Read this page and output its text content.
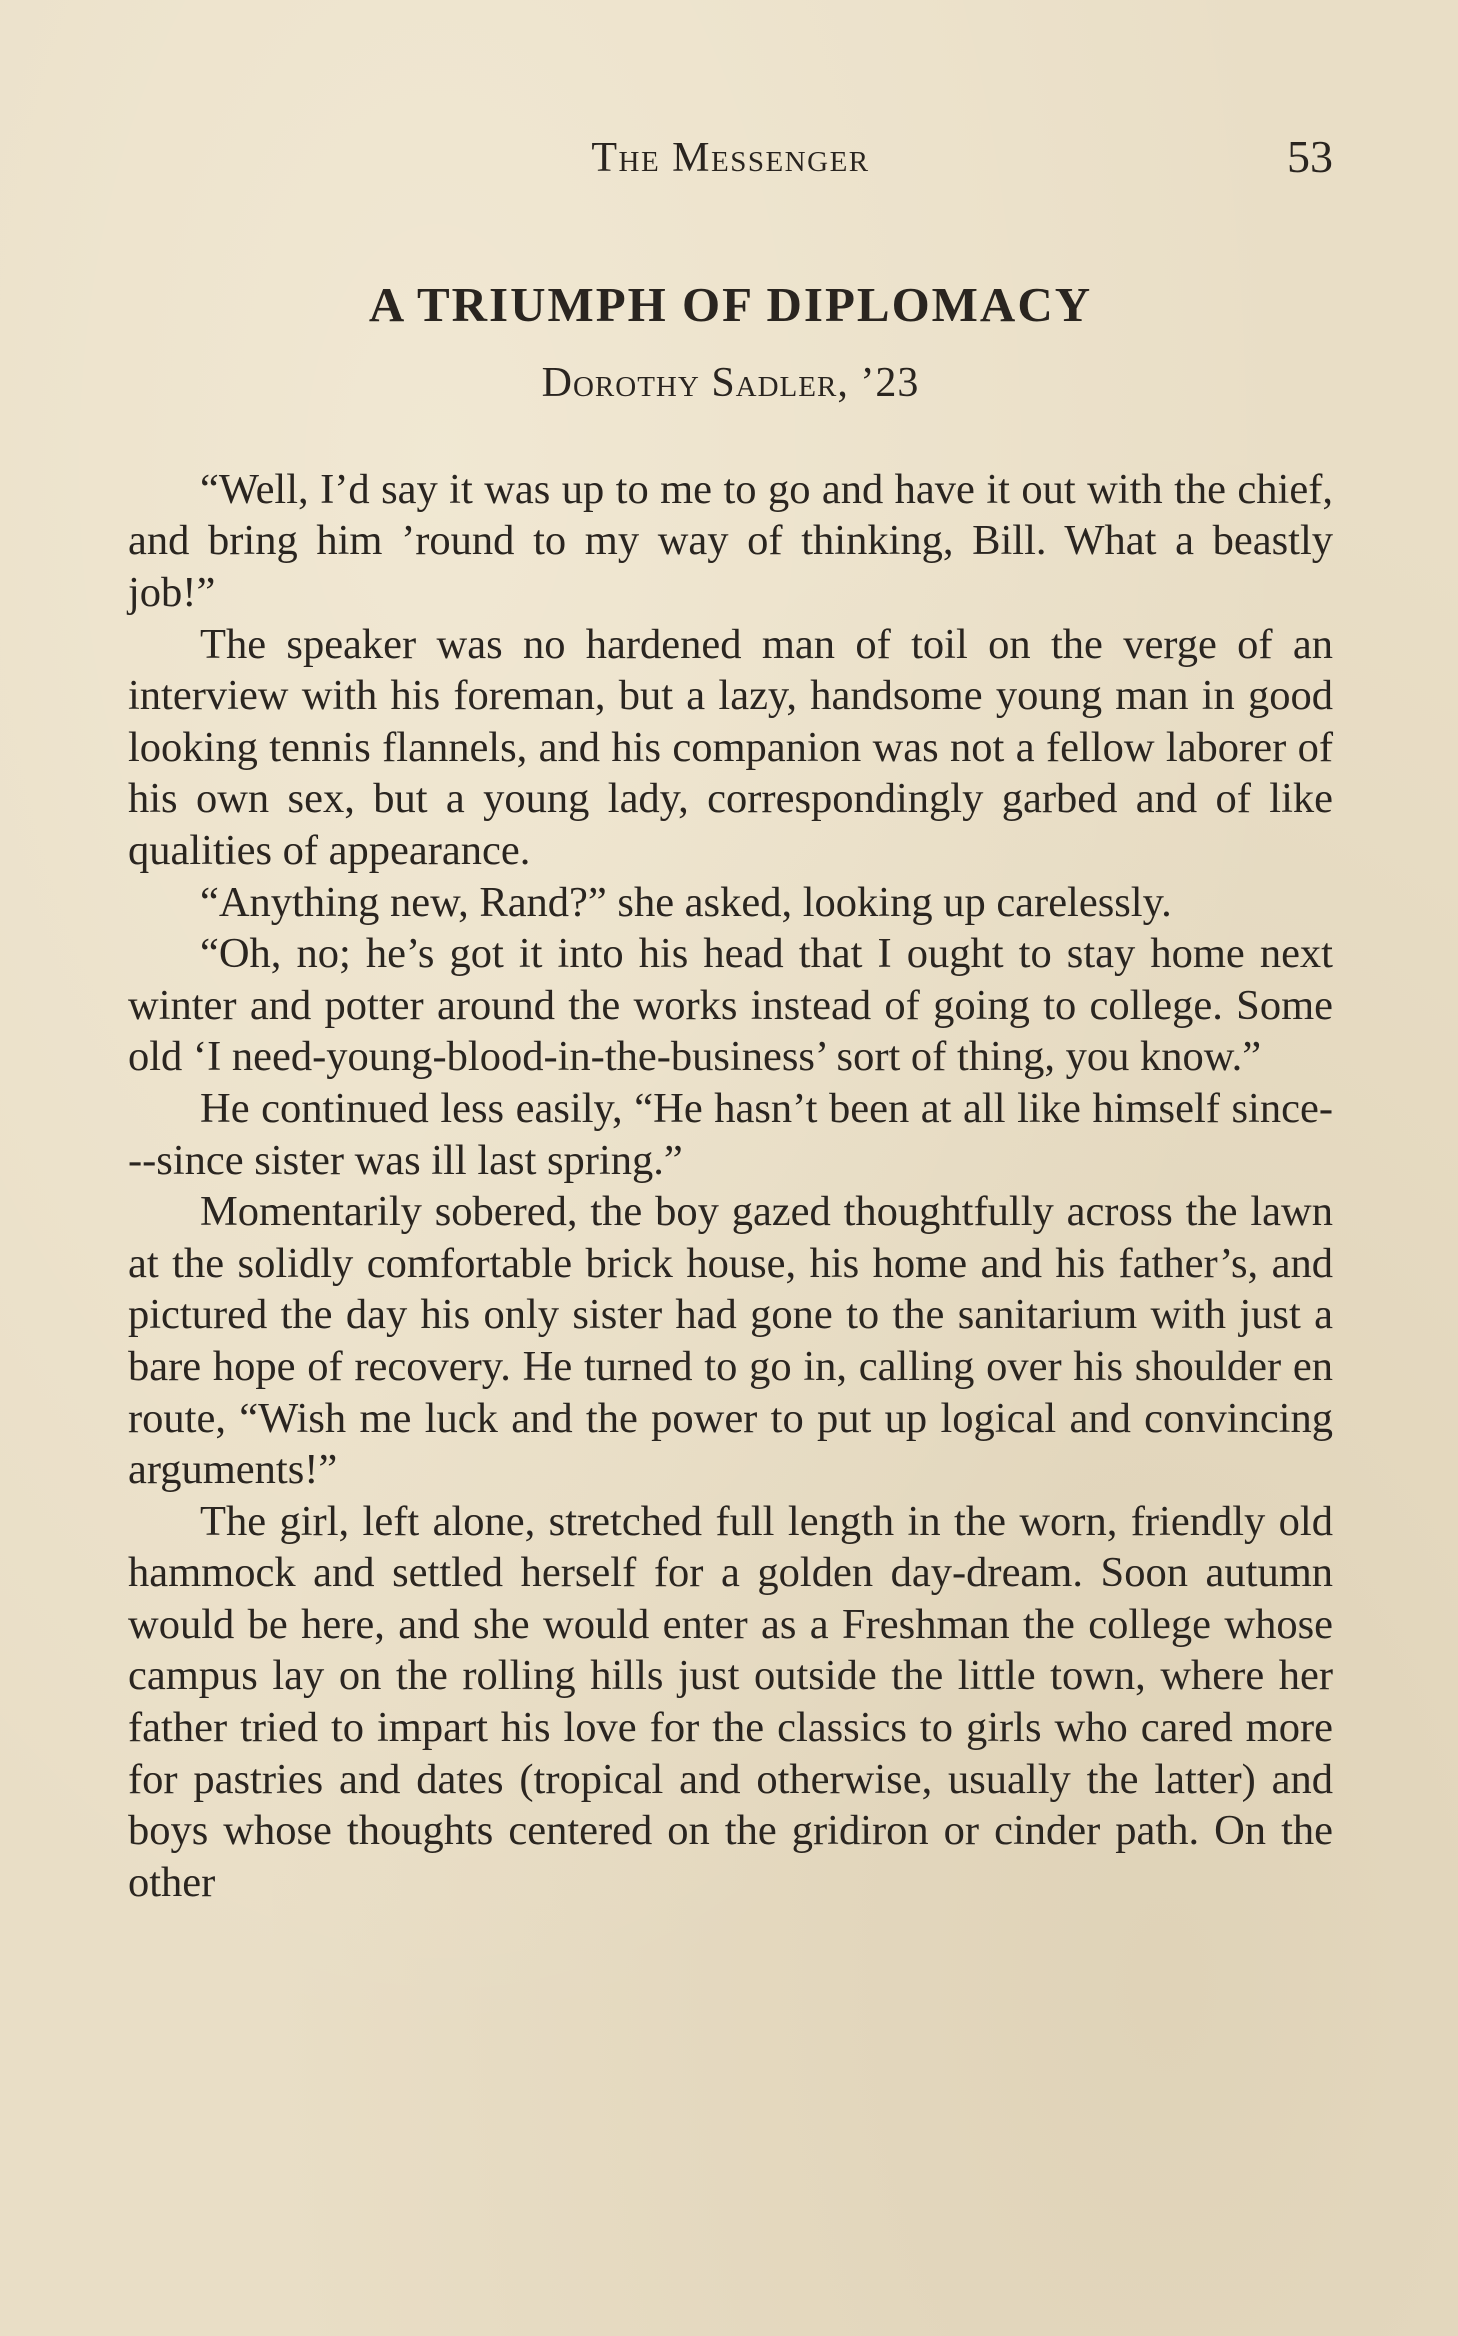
The Messenger	53
A TRIUMPH OF DIPLOMACY
Dorothy Sadler, ’23

“Well, I’d say it was up to me to go and have it out with the chief, and bring him ’round to my way of thinking, Bill. What a beastly job!”

The speaker was no hardened man of toil on the verge of an interview with his foreman, but a lazy, handsome young man in good looking tennis flannels, and his companion was not a fellow laborer of his own sex, but a young lady, correspondingly garbed and of like qualities of appearance.

“Anything new, Rand?” she asked, looking up carelessly.

“Oh, no; he’s got it into his head that I ought to stay home next winter and potter around the works instead of going to college. Some old ‘I need-young-blood-in-the-business’ sort of thing, you know.”

He continued less easily, “He hasn’t been at all like himself since---since sister was ill last spring.”

Momentarily sobered, the boy gazed thoughtfully across the lawn at the solidly comfortable brick house, his home and his father’s, and pictured the day his only sister had gone to the sanitarium with just a bare hope of recovery. He turned to go in, calling over his shoulder en route, “Wish me luck and the power to put up logical and convincing arguments!”

The girl, left alone, stretched full length in the worn, friendly old hammock and settled herself for a golden day-dream. Soon autumn would be here, and she would enter as a Freshman the college whose campus lay on the rolling hills just outside the little town, where her father tried to impart his love for the classics to girls who cared more for pastries and dates (tropical and otherwise, usually the latter) and boys whose thoughts centered on the gridiron or cinder path. On the other
